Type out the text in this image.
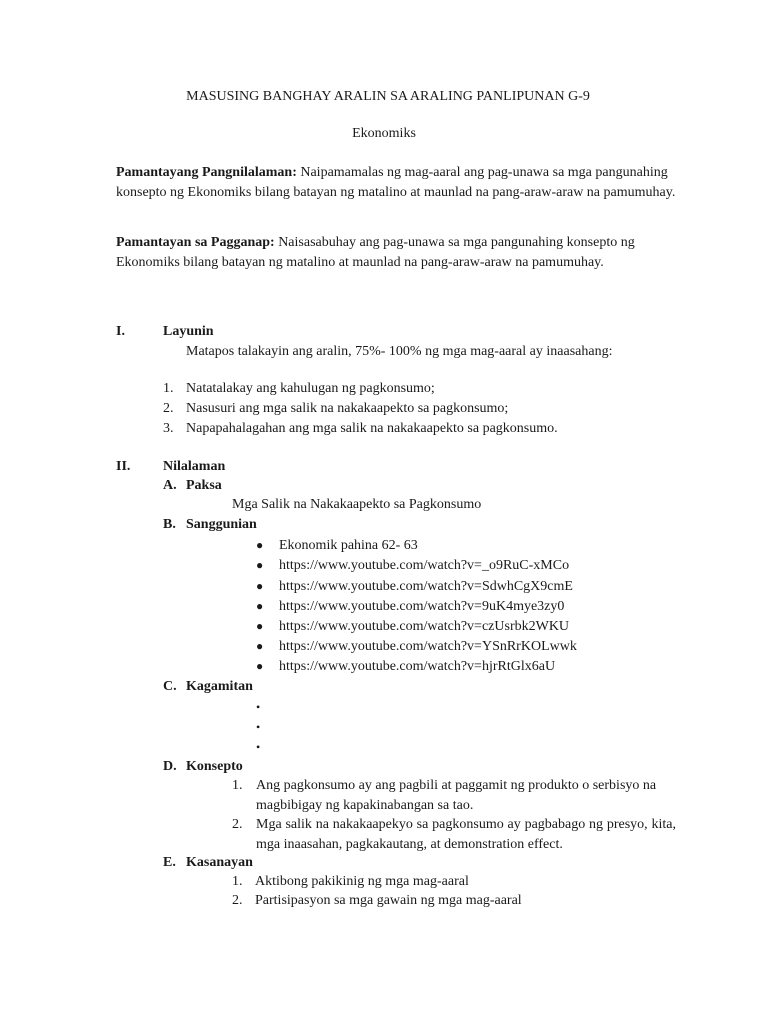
MASUSING BANGHAY ARALIN SA ARALING PANLIPUNAN G-9
Ekonomiks
Pamantayang Pangnilalaman: Naipamamalas ng mag-aaral ang pag-unawa sa mga pangunahing konsepto ng Ekonomiks bilang batayan ng matalino at maunlad na pang-araw-araw na pamumuhay.
Pamantayan sa Pagganap: Naisasabuhay ang pag-unawa sa mga pangunahing konsepto ng Ekonomiks bilang batayan ng matalino at maunlad na pang-araw-araw na pamumuhay.
I.	Layunin
Matapos talakayin ang aralin, 75%- 100% ng mga mag-aaral ay inaasahang:
1. Natatalakay ang kahulugan ng pagkonsumo;
2. Nasusuri ang mga salik na nakakaapekto sa pagkonsumo;
3. Napapahalagahan ang mga salik na nakakaapekto sa pagkonsumo.
II. Nilalaman
A. Paksa
Mga Salik na Nakakaapekto sa Pagkonsumo
B. Sanggunian
● Ekonomik pahina 62- 63
● https://www.youtube.com/watch?v=_o9RuC-xMCo
● https://www.youtube.com/watch?v=SdwhCgX9cmE
● https://www.youtube.com/watch?v=9uK4mye3zy0
● https://www.youtube.com/watch?v=czUsrbk2WKU
● https://www.youtube.com/watch?v=YSnRrKOLwwk
● https://www.youtube.com/watch?v=hjrRtGlx6aU
C. Kagamitan
•
•
•
D. Konsepto
1. Ang pagkonsumo ay ang pagbili at paggamit ng produkto o serbisyo na magbibigay ng kapakinabangan sa tao.
2. Mga salik na nakakaapekyo sa pagkonsumo ay pagbabago ng presyo, kita, mga inaasahan, pagkakautang, at demonstration effect.
E. Kasanayan
1. Aktibong pakikinig ng mga mag-aaral
2. Partisipasyon sa mga gawain ng mga mag-aaral
